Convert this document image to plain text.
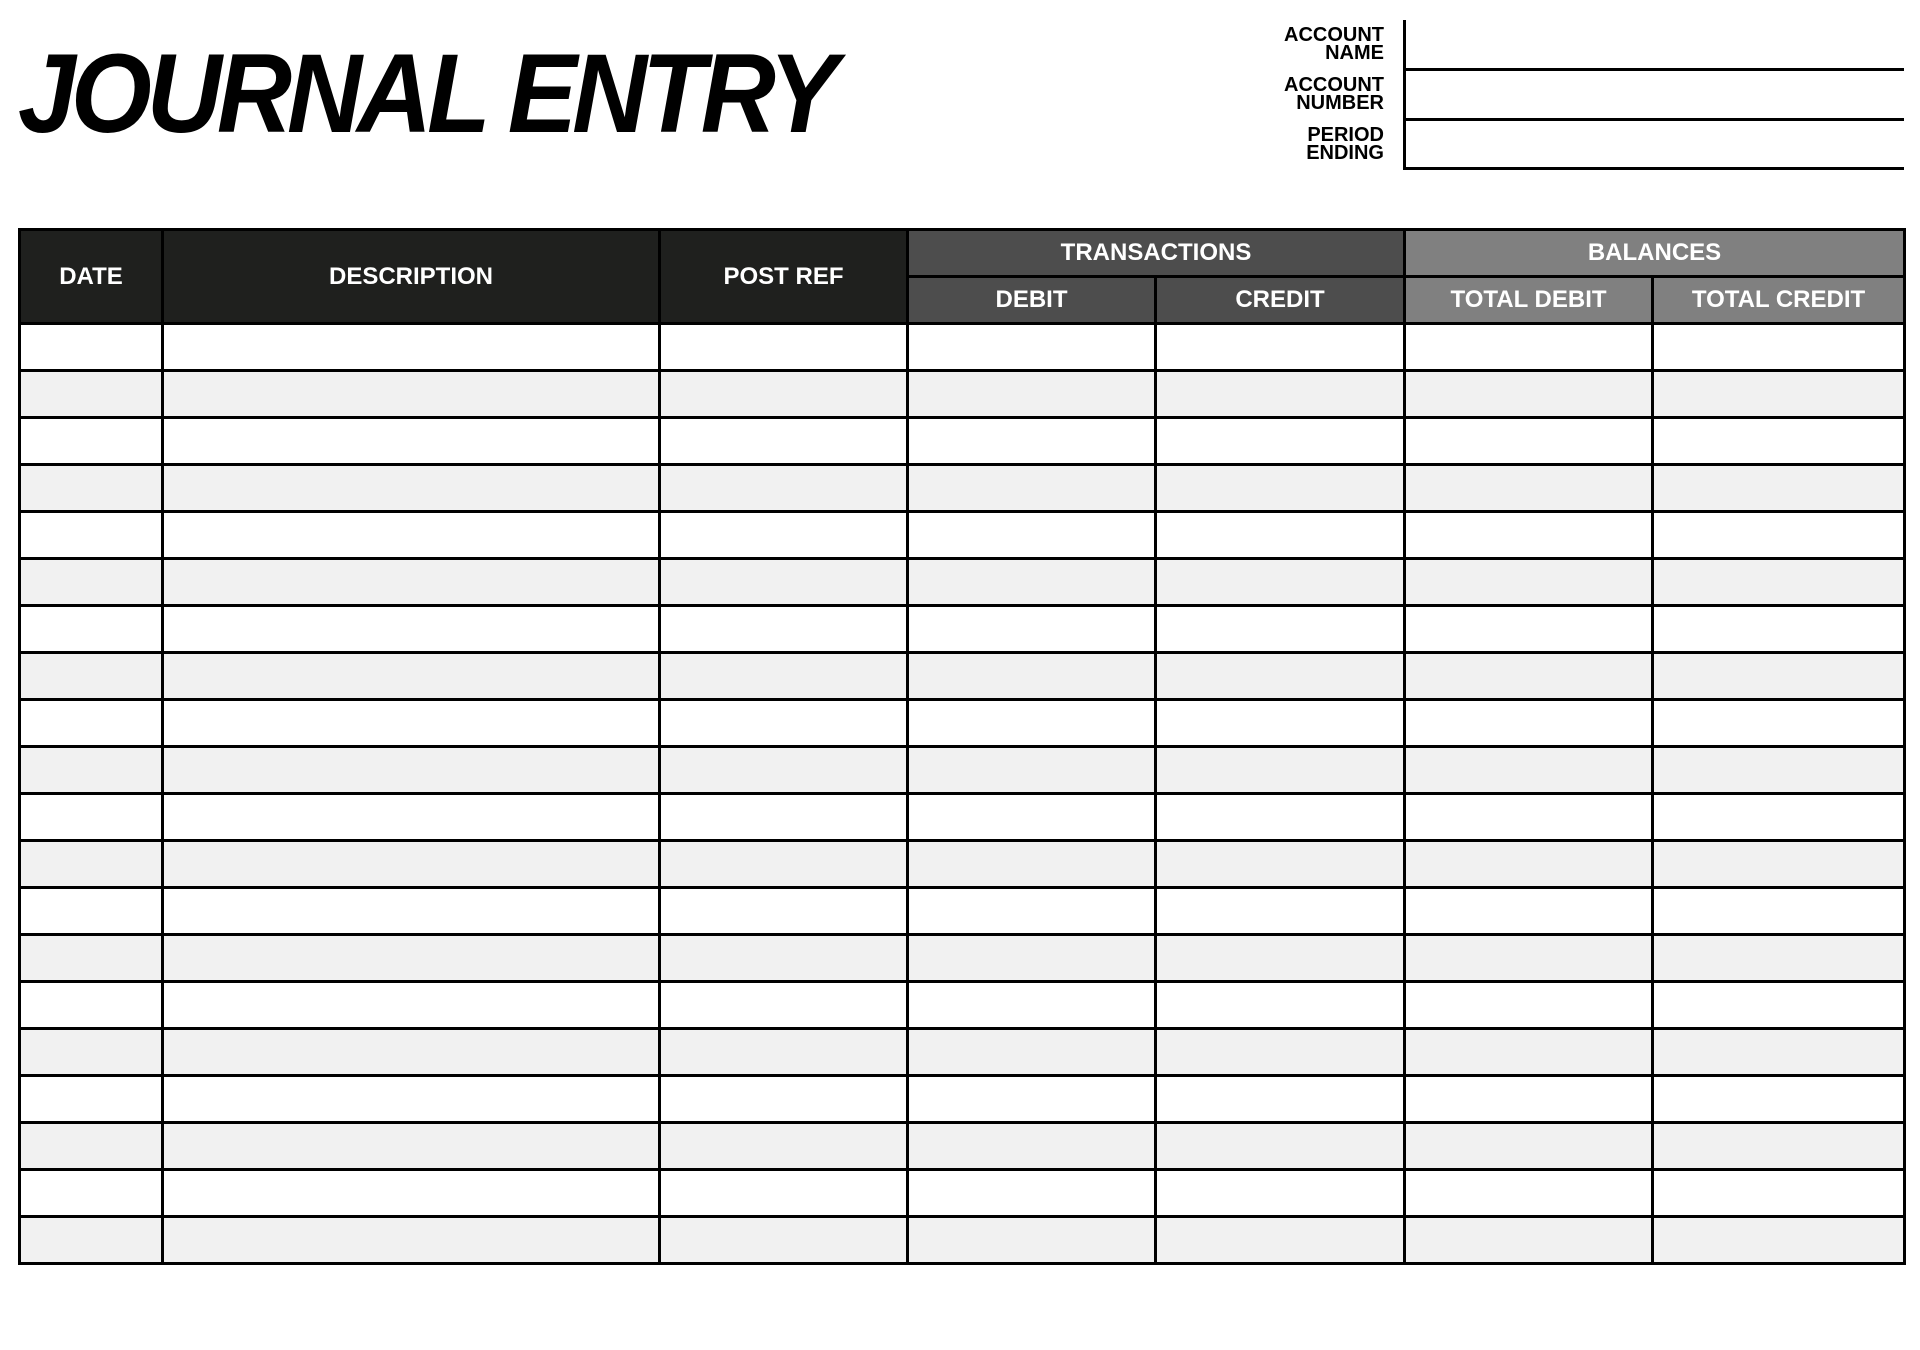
JOURNAL ENTRY	ACCOUNT
NAME
ACCOUNT
NUMBER
PERIOD
ENDING
DATE	DESCRIPTION	POST REF	TRANSACTIONS		BALANCES	
			DEBIT	CREDIT	TOTAL DEBIT	TOTAL CREDIT
